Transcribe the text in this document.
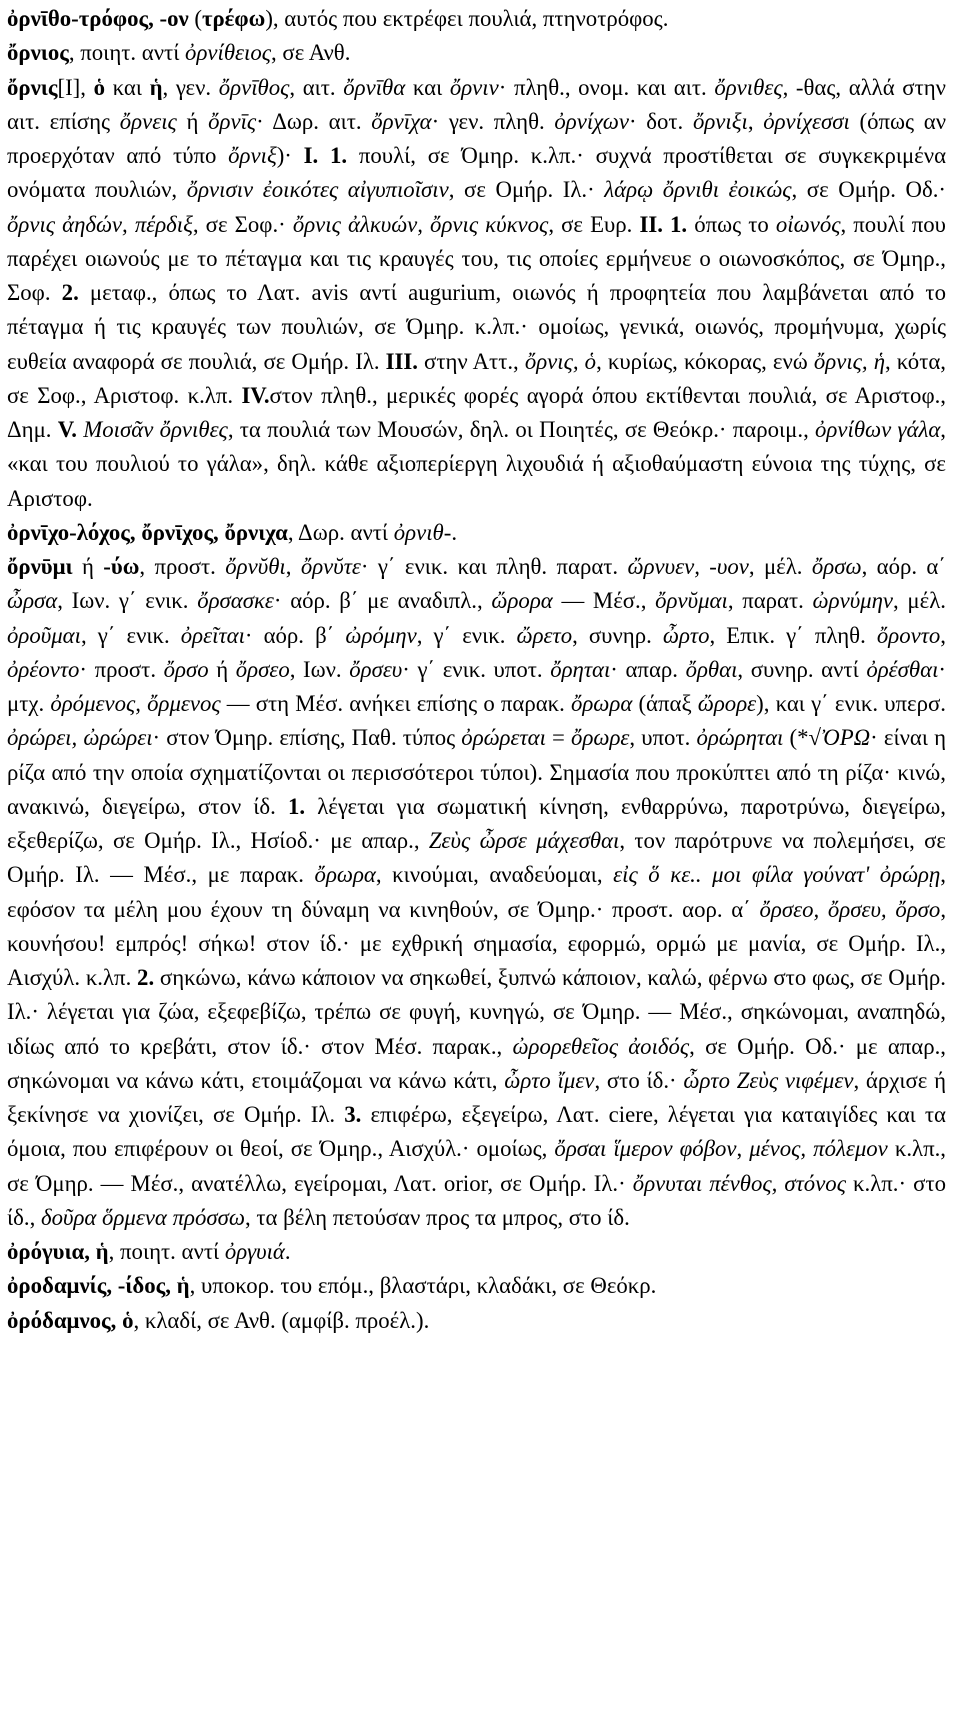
ὀρνῑθο-τρόφος, -ον (τρέφω), αυτός που εκτρέφει πουλιά, πτηνοτρόφος.

ὄρνιος, ποιητ. αντί ὀρνίθειος, σε Ανθ.

ὄρνις[Ι], ὁ και ἡ, γεν. ὄρνῑθος, αιτ. ὄρνῑθα και ὄρνιν· πληθ., ονομ. και αιτ. ὄρνιθες, -θας, αλλά στην αιτ. επίσης ὄρνεις ή ὄρνῑς· Δωρ. αιτ. ὄρνῑχα· γεν. πληθ. ὀρνίχων· δοτ. ὄρνιξι, ὀρνίχεσσι (όπως αν προερχόταν από τύπο ὄρνιξ)· I. 1. πουλί, σε Όμηρ. κ.λπ.· συχνά προστίθεται σε συγκεκριμένα ονόματα πουλιών, ὄρνισιν ἐοικότες αἰγυπιοῖσιν, σε Ομήρ. Ιλ.· λάρῳ ὄρνιθι ἐοικώς, σε Ομήρ. Οδ.· ὄρνις ἀηδών, πέρδιξ, σε Σοφ.· ὄρνις ἀλκυών, ὄρνις κύκνος, σε Ευρ. II. 1. όπως το οἰωνός, πουλί που παρέχει οιωνούς με το πέταγμα και τις κραυγές του, τις οποίες ερμήνευε ο οιωνοσκόπος, σε Όμηρ., Σοφ. 2. μεταφ., όπως το Λατ. avis αντί augurium, οιωνός ή προφητεία που λαμβάνεται από το πέταγμα ή τις κραυγές των πουλιών, σε Όμηρ. κ.λπ.· ομοίως, γενικά, οιωνός, προμήνυμα, χωρίς ευθεία αναφορά σε πουλιά, σε Ομήρ. Ιλ. III. στην Αττ., ὄρνις, ὁ, κυρίως, κόκορας, ενώ ὄρνις, ἡ, κότα, σε Σοφ., Αριστοφ. κ.λπ. IV.στον πληθ., μερικές φορές αγορά όπου εκτίθενται πουλιά, σε Αριστοφ., Δημ. V. Μοισᾶν ὄρνιθες, τα πουλιά των Μουσών, δηλ. οι Ποιητές, σε Θεόκρ.· παροιμ., ὀρνίθων γάλα, «και του πουλιού το γάλα», δηλ. κάθε αξιοπερίεργη λιχουδιά ή αξιοθαύμαστη εύνοια της τύχης, σε Αριστοφ.

ὀρνῑχο-λόχος, ὄρνῑχος, ὄρνιχα, Δωρ. αντί ὀρνιθ-.

ὄρνῡμι ή -ύω, προστ. ὄρνῠθι, ὄρνῠτε· γ΄ ενικ. και πληθ. παρατ. ὤρνυεν, -υον, μέλ. ὄρσω, αόρ. α΄ ὦρσα, Ιων. γ΄ ενικ. ὄρσασκε· αόρ. β΄ με αναδιπλ., ὤρορα — Μέσ., ὄρνῠμαι, παρατ. ὠρνύμην, μέλ. ὀροῦμαι, γ΄ ενικ. ὀρεῖται· αόρ. β΄ ὠρόμην, γ΄ ενικ. ὤρετο, συνηρ. ὦρτο, Επικ. γ΄ πληθ. ὄροντο, ὀρέοντο· προστ. ὄρσο ή ὄρσεο, Ιων. ὄρσευ· γ΄ ενικ. υποτ. ὄρηται· απαρ. ὄρθαι, συνηρ. αντί ὀρέσθαι· μτχ. ὀρόμενος, ὄρμενος — στη Μέσ. ανήκει επίσης ο παρακ. ὄρωρα (άπαξ ὤρορε), και γ΄ ενικ. υπερσ. ὀρώρει, ὠρώρει· στον Όμηρ. επίσης, Παθ. τύπος ὀρώρεται = ὄρωρε, υποτ. ὀρώρηται (*√ὈΡΩ· είναι η ρίζα από την οποία σχηματίζονται οι περισσότεροι τύποι). Σημασία που προκύπτει από τη ρίζα· κινώ, ανακινώ, διεγείρω, στον ίδ. 1. λέγεται για σωματική κίνηση, ενθαρρύνω, παροτρύνω, διεγείρω, εξεθερίζω, σε Ομήρ. Ιλ., Ησίοδ.· με απαρ., Ζεὺς ὦρσε μάχεσθαι, τον παρότρυνε να πολεμήσει, σε Ομήρ. Ιλ. — Μέσ., με παρακ. ὄρωρα, κινούμαι, αναδεύομαι, εἰς ὅ κε.. μοι φίλα γούνατ' ὀρώρῃ, εφόσον τα μέλη μου έχουν τη δύναμη να κινηθούν, σε Όμηρ.· προστ. αορ. α΄ ὄρσεο, ὄρσευ, ὄρσο, κουνήσου! εμπρός! σήκω! στον ίδ.· με εχθρική σημασία, εφορμώ, ορμώ με μανία, σε Ομήρ. Ιλ., Αισχύλ. κ.λπ. 2. σηκώνω, κάνω κάποιον να σηκωθεί, ξυπνώ κάποιον, καλώ, φέρνω στο φως, σε Ομήρ. Ιλ.· λέγεται για ζώα, εξεφεβίζω, τρέπω σε φυγή, κυνηγώ, σε Όμηρ. — Μέσ., σηκώνομαι, αναπηδώ, ιδίως από το κρεβάτι, στον ίδ.· στον Μέσ. παρακ., ὠρορεθεῖος ἀοιδός, σε Ομήρ. Οδ.· με απαρ., σηκώνομαι να κάνω κάτι, ετοιμάζομαι να κάνω κάτι, ὦρτο ἴμεν, στο ίδ.· ὦρτο Ζεὺς νιφέμεν, άρχισε ή ξεκίνησε να χιονίζει, σε Ομήρ. Ιλ. 3. επιφέρω, εξεγείρω, Λατ. ciere, λέγεται για καταιγίδες και τα όμοια, που επιφέρουν οι θεοί, σε Όμηρ., Αισχύλ.· ομοίως, ὄρσαι ἵμερον φόβον, μένος, πόλεμον κ.λπ., σε Όμηρ. — Μέσ., ανατέλλω, εγείρομαι, Λατ. orior, σε Ομήρ. Ιλ.· ὄρνυται πένθος, στόνος κ.λπ.· στο ίδ., δοῦρα ὅρμενα πρόσσω, τα βέλη πετούσαν προς τα μπρος, στο ίδ.

ὀρόγυια, ἡ, ποιητ. αντί ὀργυιά.

ὀροδαμνίς, -ίδος, ἡ, υποκορ. του επόμ., βλαστάρι, κλαδάκι, σε Θεόκρ.

ὀρόδαμνος, ὁ, κλαδί, σε Ανθ. (αμφίβ. προέλ.).
